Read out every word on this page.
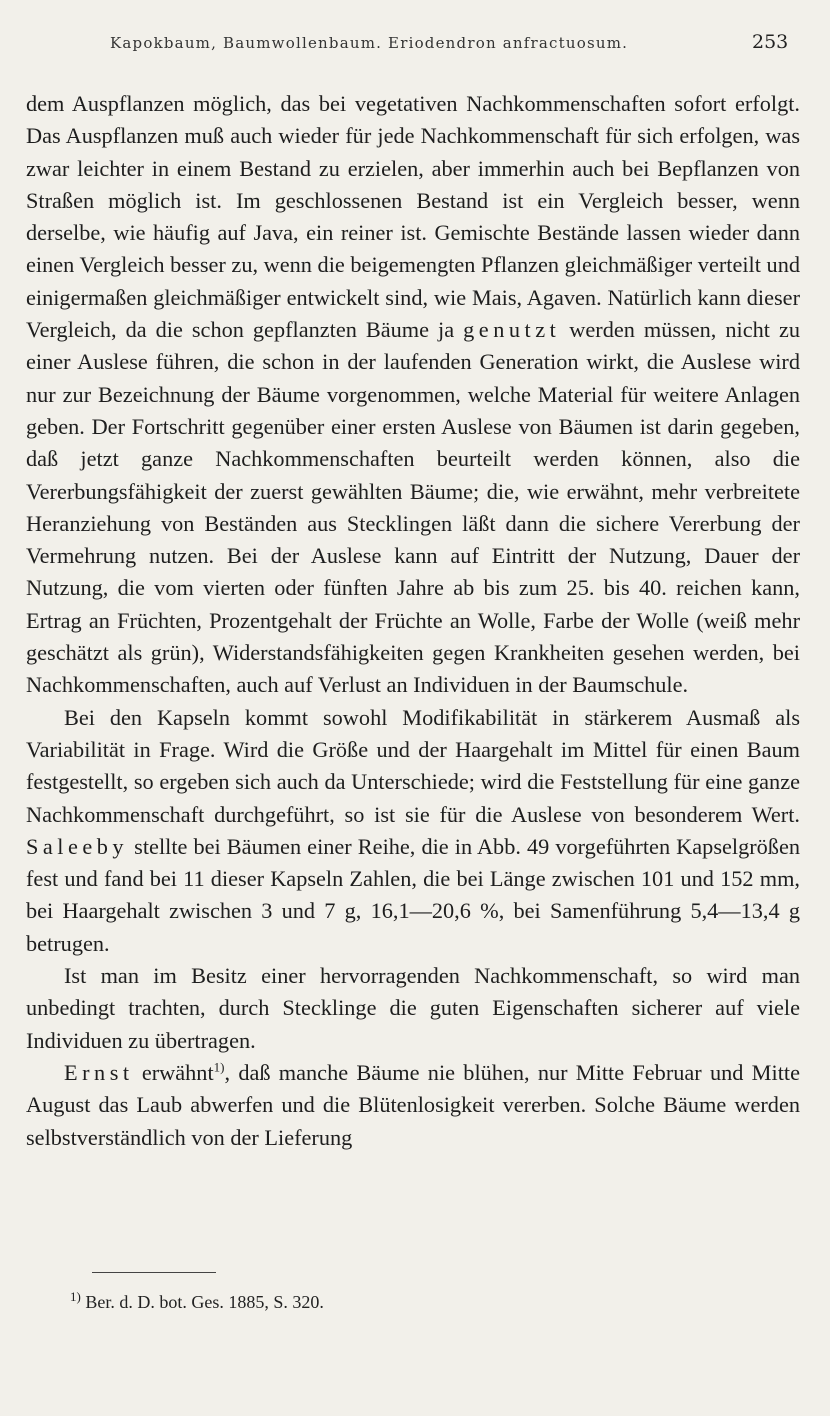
Kapokbaum, Baumwollenbaum. Eriodendron anfractuosum.	253

dem Auspflanzen möglich, das bei vegetativen Nachkommenschaften sofort erfolgt. Das Auspflanzen muß auch wieder für jede Nachkommenschaft für sich erfolgen, was zwar leichter in einem Bestand zu erzielen, aber immerhin auch bei Bepflanzen von Straßen möglich ist. Im geschlossenen Bestand ist ein Vergleich besser, wenn derselbe, wie häufig auf Java, ein reiner ist. Gemischte Bestände lassen wieder dann einen Vergleich besser zu, wenn die beigemengten Pflanzen gleichmäßiger verteilt und einigermaßen gleichmäßiger entwickelt sind, wie Mais, Agaven. Natürlich kann dieser Vergleich, da die schon gepflanzten Bäume ja genutzt werden müssen, nicht zu einer Auslese führen, die schon in der laufenden Generation wirkt, die Auslese wird nur zur Bezeichnung der Bäume vorgenommen, welche Material für weitere Anlagen geben. Der Fortschritt gegenüber einer ersten Auslese von Bäumen ist darin gegeben, daß jetzt ganze Nachkommenschaften beurteilt werden können, also die Vererbungsfähigkeit der zuerst gewählten Bäume; die, wie erwähnt, mehr verbreitete Heranziehung von Beständen aus Stecklingen läßt dann die sichere Vererbung der Vermehrung nutzen. Bei der Auslese kann auf Eintritt der Nutzung, Dauer der Nutzung, die vom vierten oder fünften Jahre ab bis zum 25. bis 40. reichen kann, Ertrag an Früchten, Prozentgehalt der Früchte an Wolle, Farbe der Wolle (weiß mehr geschätzt als grün), Widerstandsfähigkeiten gegen Krankheiten gesehen werden, bei Nachkommenschaften, auch auf Verlust an Individuen in der Baumschule.

Bei den Kapseln kommt sowohl Modifikabilität in stärkerem Ausmaß als Variabilität in Frage. Wird die Größe und der Haargehalt im Mittel für einen Baum festgestellt, so ergeben sich auch da Unterschiede; wird die Feststellung für eine ganze Nachkommenschaft durchgeführt, so ist sie für die Auslese von besonderem Wert. Saleeby stellte bei Bäumen einer Reihe, die in Abb. 49 vorgeführten Kapselgrößen fest und fand bei 11 dieser Kapseln Zahlen, die bei Länge zwischen 101 und 152 mm, bei Haargehalt zwischen 3 und 7 g, 16,1—20,6 %, bei Samenführung 5,4—13,4 g betrugen.

Ist man im Besitz einer hervorragenden Nachkommenschaft, so wird man unbedingt trachten, durch Stecklinge die guten Eigenschaften sicherer auf viele Individuen zu übertragen.

Ernst erwähnt$^{1)}$, daß manche Bäume nie blühen, nur Mitte Februar und Mitte August das Laub abwerfen und die Blütenlosigkeit vererben. Solche Bäume werden selbstverständlich von der Lieferung

$^{1)}$ Ber. d. D. bot. Ges. 1885, S. 320.
